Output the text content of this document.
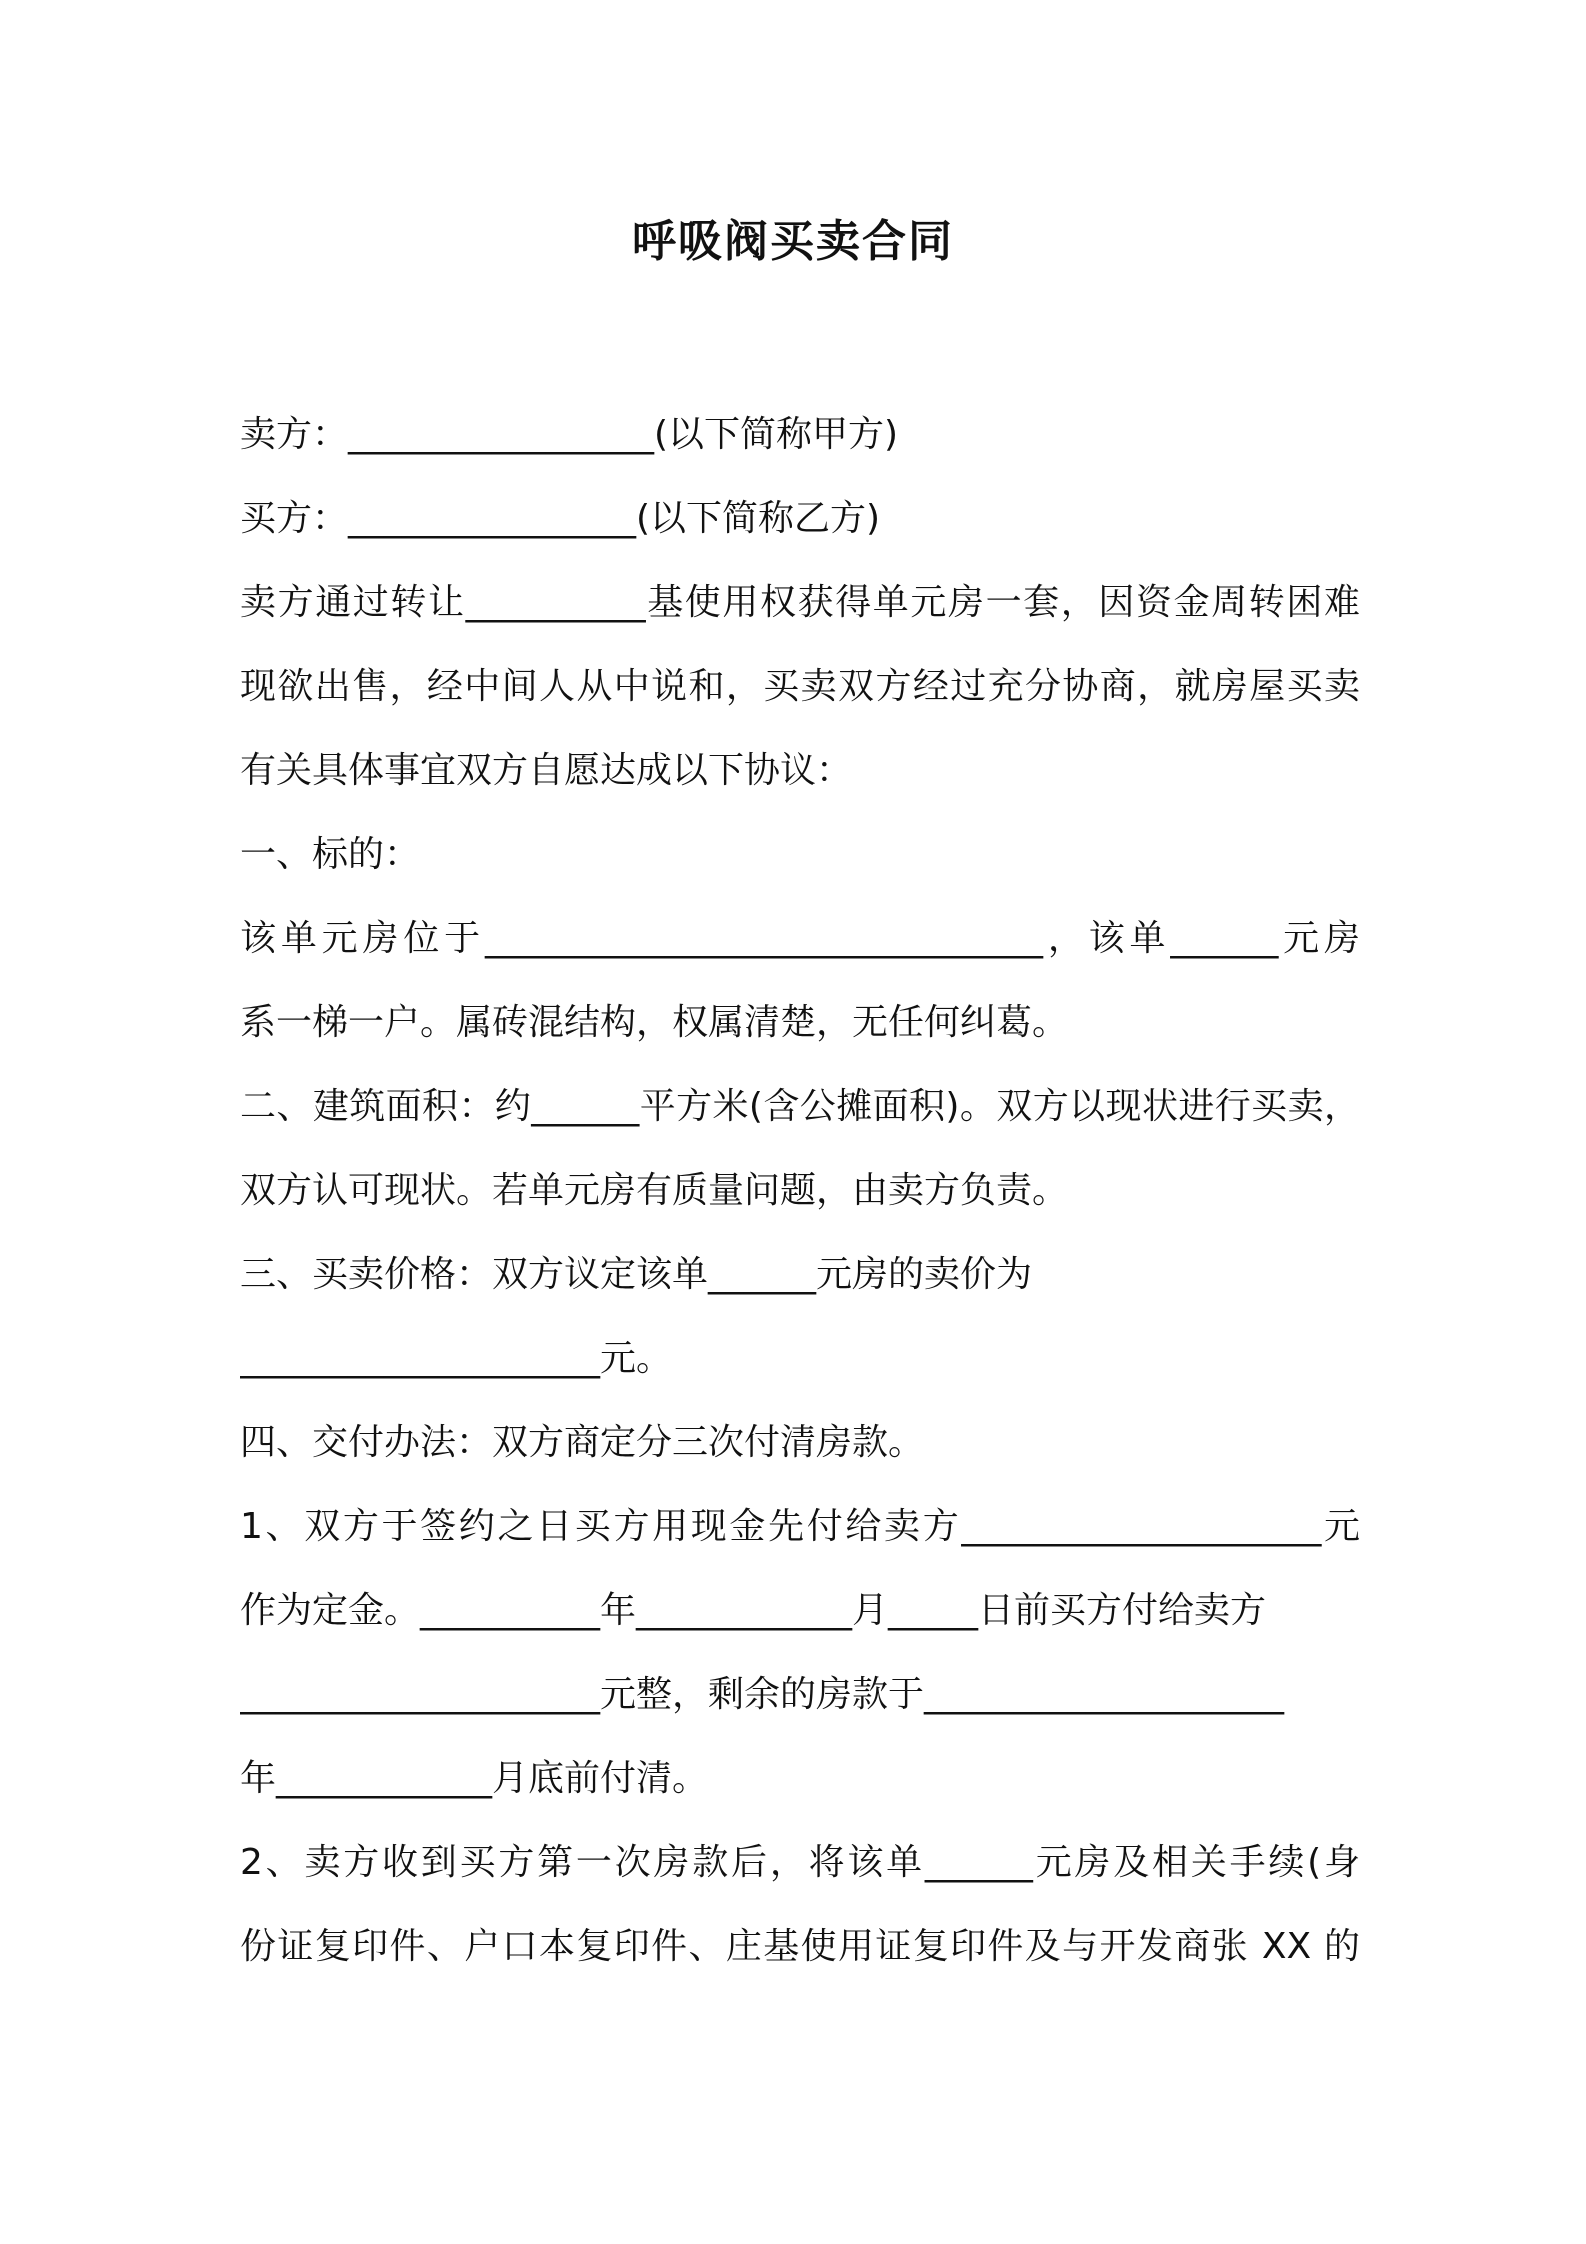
呼吸阀买卖合同
卖方：_________________(以下简称甲方)
买方：________________(以下简称乙方)
卖方通过转让__________基使用权获得单元房一套，因资金周转困难
现欲出售，经中间人从中说和，买卖双方经过充分协商，就房屋买卖
有关具体事宜双方自愿达成以下协议：
一、标的：
该单元房位于_______________________________，该单______元房
系一梯一户。属砖混结构，权属清楚，无任何纠葛。
二、建筑面积：约______平方米(含公摊面积)。双方以现状进行买卖，
双方认可现状。若单元房有质量问题，由卖方负责。
三、买卖价格：双方议定该单______元房的卖价为
____________________元。
四、交付办法：双方商定分三次付清房款。
1、双方于签约之日买方用现金先付给卖方____________________元
作为定金。__________年____________月_____日前买方付给卖方
____________________元整，剩余的房款于____________________
年____________月底前付清。
2、卖方收到买方第一次房款后，将该单______元房及相关手续(身
份证复印件、户口本复印件、庄基使用证复印件及与开发商张 XX 的
